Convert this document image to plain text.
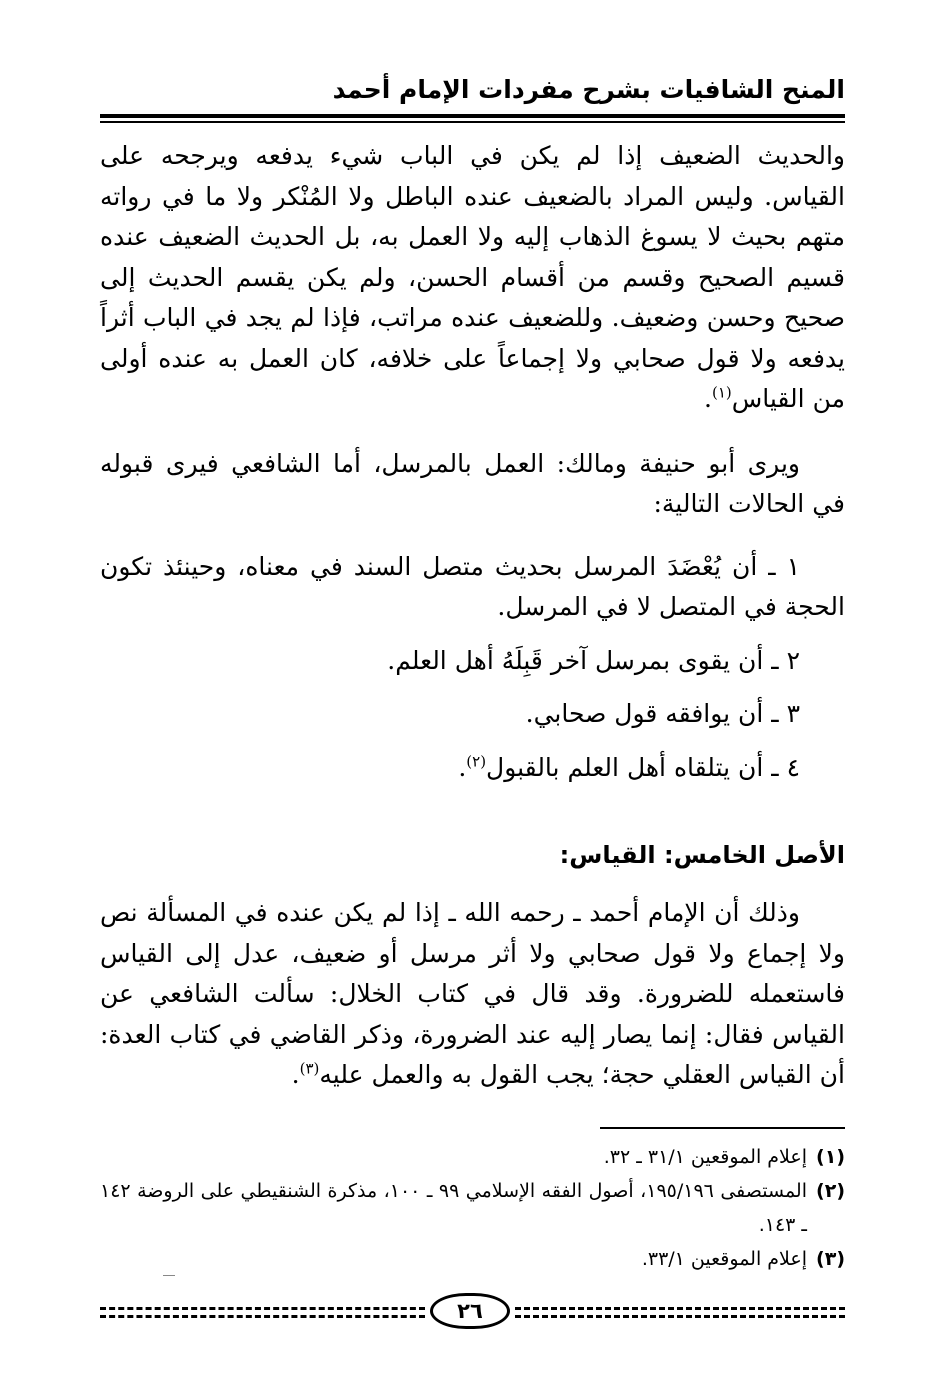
المنح الشافيات بشرح مفردات الإمام أحمد

والحديث الضعيف إذا لم يكن في الباب شيء يدفعه ويرجحه على القياس. وليس المراد بالضعيف عنده الباطل ولا المُنْكر ولا ما في رواته متهم بحيث لا يسوغ الذهاب إليه ولا العمل به، بل الحديث الضعيف عنده قسيم الصحيح وقسم من أقسام الحسن، ولم يكن يقسم الحديث إلى صحيح وحسن وضعيف. وللضعيف عنده مراتب، فإذا لم يجد في الباب أثراً يدفعه ولا قول صحابي ولا إجماعاً على خلافه، كان العمل به عنده أولى من القياس$^{(١)}$.

ويرى أبو حنيفة ومالك: العمل بالمرسل، أما الشافعي فيرى قبوله في الحالات التالية:

١ ـ أن يُعْضَدَ المرسل بحديث متصل السند في معناه، وحينئذ تكون الحجة في المتصل لا في المرسل.

٢ ـ أن يقوى بمرسل آخر قَبِلَهُ أهل العلم.

٣ ـ أن يوافقه قول صحابي.

٤ ـ أن يتلقاه أهل العلم بالقبول$^{(٢)}$.

الأصل الخامس: القياس:

وذلك أن الإمام أحمد ـ رحمه الله ـ إذا لم يكن عنده في المسألة نص ولا إجماع ولا قول صحابي ولا أثر مرسل أو ضعيف، عدل إلى القياس فاستعمله للضرورة. وقد قال في كتاب الخلال: سألت الشافعي عن القياس فقال: إنما يصار إليه عند الضرورة، وذكر القاضي في كتاب العدة: أن القياس العقلي حجة؛ يجب القول به والعمل عليه$^{(٣)}$.

(١)
إعلام الموقعين ٣١/١ ـ ٣٢.
(٢)
المستصفى ١٩٥/١٩٦، أصول الفقه الإسلامي ٩٩ ـ ١٠٠، مذكرة الشنقيطي على الروضة ١٤٢ ـ ١٤٣.
(٣)
إعلام الموقعين ٣٣/١.
٢٦
